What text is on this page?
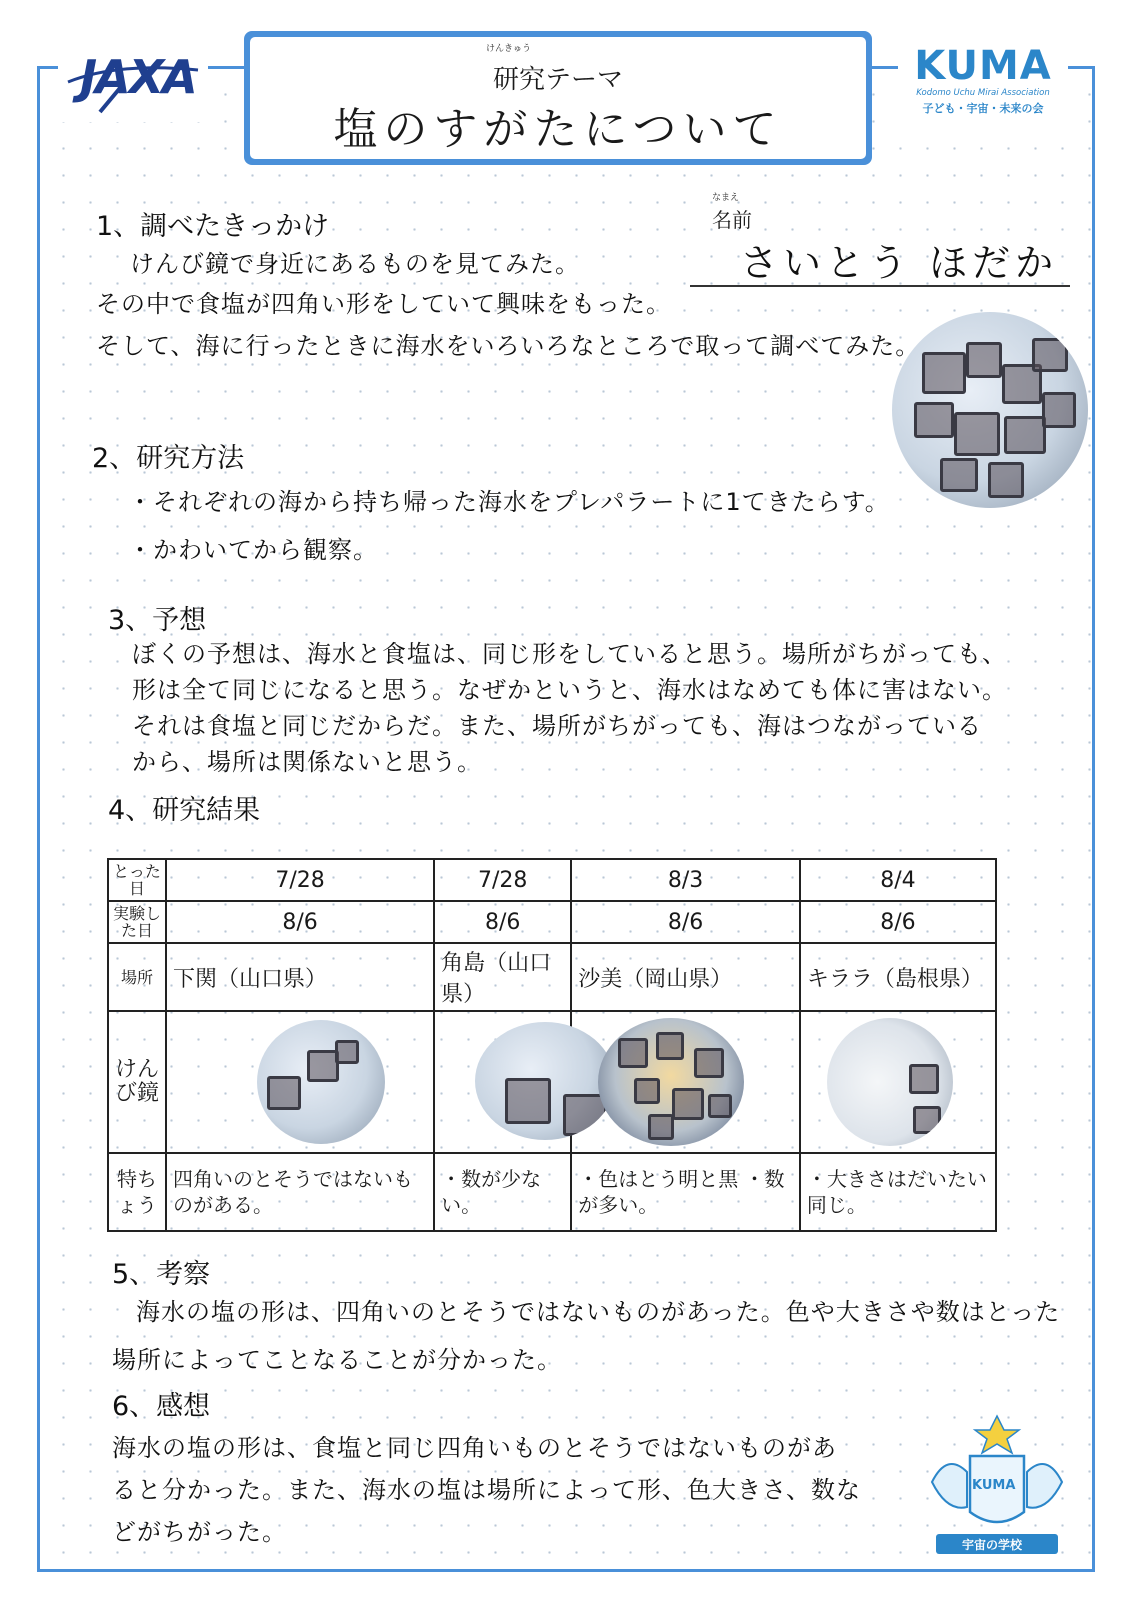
JAXA
けんきゅう
研究テーマ
塩のすがたについて
KUMA
Kodomo Uchu Mirai Association
子ども・宇宙・未来の会
なまえ
名前
さいとう ほだか
1、調べたきっかけ
けんび鏡で身近にあるものを見てみた。
その中で食塩が四角い形をしていて興味をもった。
そして、海に行ったときに海水をいろいろなところで取って調べてみた。
2、研究方法
・それぞれの海から持ち帰った海水をプレパラートに1てきたらす。
・かわいてから観察。
3、予想
ぼくの予想は、海水と食塩は、同じ形をしていると思う。場所がちがっても、
形は全て同じになると思う。なぜかというと、海水はなめても体に害はない。
それは食塩と同じだからだ。また、場所がちがっても、海はつながっている
から、場所は関係ないと思う。
4、研究結果
とった日	7/28	7/28	8/3	8/4
実験した日	8/6	8/6	8/6	8/6
場所	下関（山口県）	角島（山口県）	沙美（岡山県）	キララ（島根県）
けんび鏡	

特ちょう	四角いのとそうではないものがある。	・数が少ない。	・色はとう明と黒 ・数が多い。	・大きさはだいたい同じ。
5、考察
海水の塩の形は、四角いのとそうではないものがあった。色や大きさや数はとった
場所によってことなることが分かった。
6、感想
海水の塩の形は、食塩と同じ四角いものとそうではないものがあ
ると分かった。また、海水の塩は場所によって形、色大きさ、数な
どがちがった。
KUMA
宇宙の学校
